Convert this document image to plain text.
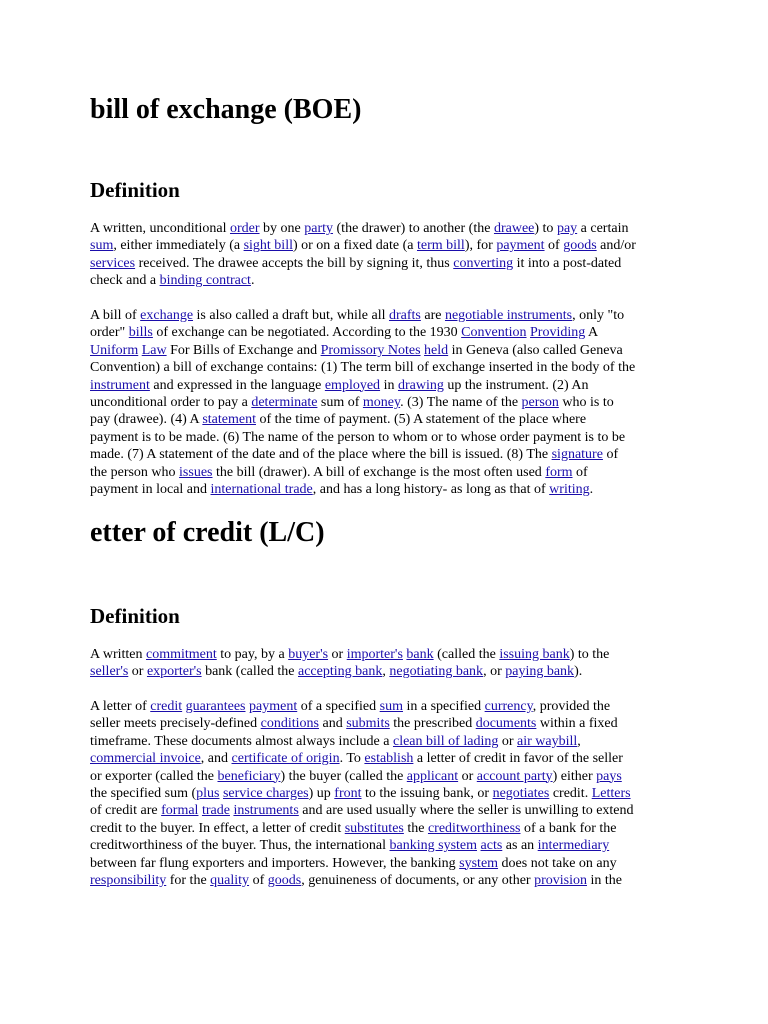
bill of exchange (BOE)
Definition
A written, unconditional order by one party (the drawer) to another (the drawee) to pay a certain
sum, either immediately (a sight bill) or on a fixed date (a term bill), for payment of goods and/or
services received. The drawee accepts the bill by signing it, thus converting it into a post-dated
check and a binding contract.
A bill of exchange is also called a draft but, while all drafts are negotiable instruments, only "to
order" bills of exchange can be negotiated. According to the 1930 Convention Providing A
Uniform Law For Bills of Exchange and Promissory Notes held in Geneva (also called Geneva
Convention) a bill of exchange contains: (1) The term bill of exchange inserted in the body of the
instrument and expressed in the language employed in drawing up the instrument. (2) An
unconditional order to pay a determinate sum of money. (3) The name of the person who is to
pay (drawee). (4) A statement of the time of payment. (5) A statement of the place where
payment is to be made. (6) The name of the person to whom or to whose order payment is to be
made. (7) A statement of the date and of the place where the bill is issued. (8) The signature of
the person who issues the bill (drawer). A bill of exchange is the most often used form of
payment in local and international trade, and has a long history- as long as that of writing.
etter of credit (L/C)
Definition
A written commitment to pay, by a buyer's or importer's bank (called the issuing bank) to the
seller's or exporter's bank (called the accepting bank, negotiating bank, or paying bank).
A letter of credit guarantees payment of a specified sum in a specified currency, provided the
seller meets precisely-defined conditions and submits the prescribed documents within a fixed
timeframe. These documents almost always include a clean bill of lading or air waybill,
commercial invoice, and certificate of origin. To establish a letter of credit in favor of the seller
or exporter (called the beneficiary) the buyer (called the applicant or account party) either pays
the specified sum (plus service charges) up front to the issuing bank, or negotiates credit. Letters
of credit are formal trade instruments and are used usually where the seller is unwilling to extend
credit to the buyer. In effect, a letter of credit substitutes the creditworthiness of a bank for the
creditworthiness of the buyer. Thus, the international banking system acts as an intermediary
between far flung exporters and importers. However, the banking system does not take on any
responsibility for the quality of goods, genuineness of documents, or any other provision in the
